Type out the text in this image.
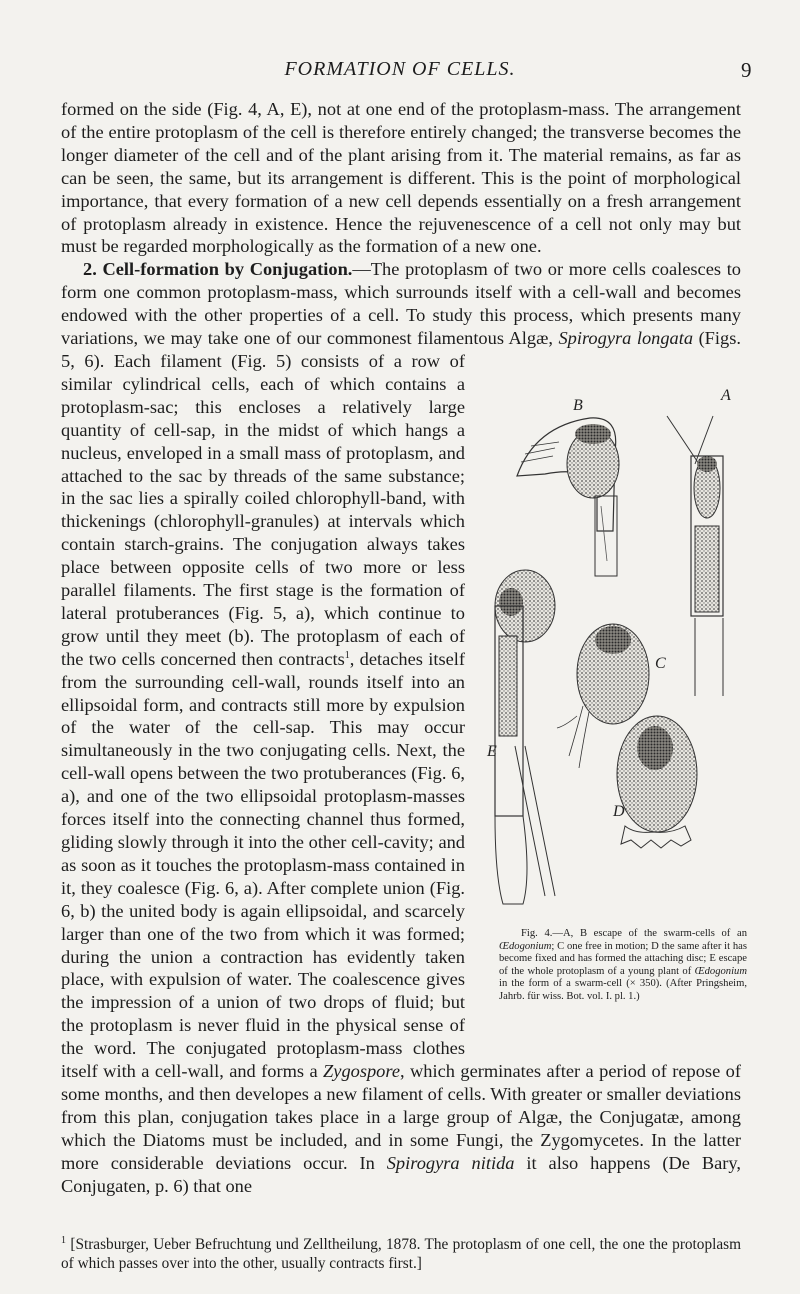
FORMATION OF CELLS.	9

formed on the side (Fig. 4, A, E), not at one end of the protoplasm-mass. The arrangement of the entire protoplasm of the cell is therefore entirely changed; the transverse becomes the longer diameter of the cell and of the plant arising from it. The material remains, as far as can be seen, the same, but its arrangement is different. This is the point of morphological importance, that every formation of a new cell depends essentially on a fresh arrangement of protoplasm already in existence. Hence the rejuvenescence of a cell not only may but must be regarded morphologically as the formation of a new one.

2. Cell-formation by Conjugation.—The protoplasm of two or more cells coalesces to form one common protoplasm-mass, which surrounds itself with a cell-wall and becomes endowed with the other properties of a cell. To study this process, which presents many variations, we may take one of our commonest filamentous Algæ,
B
A
C
E
D
Fig. 4.—A, B escape of the swarm-cells of an Œdogonium; C one free in motion; D the same after it has become fixed and has formed the attaching disc; E escape of the whole protoplasm of a young plant of Œdogonium in the form of a swarm-cell (× 350). (After Pringsheim, Jahrb. für wiss. Bot. vol. I. pl. 1.)
Spirogyra longata (Figs. 5, 6). Each filament (Fig. 5) consists of a row of similar cylindrical cells, each of which contains a protoplasm-sac; this encloses a relatively large quantity of cell-sap, in the midst of which hangs a nucleus, enveloped in a small mass of protoplasm, and attached to the sac by threads of the same substance; in the sac lies a spirally coiled chlorophyll-band, with thickenings (chlorophyll-granules) at intervals which contain starch-grains. The conjugation always takes place between opposite cells of two more or less parallel filaments. The first stage is the formation of lateral protuberances (Fig. 5, a), which continue to grow until they meet (b). The protoplasm of each of the two cells concerned then contracts$^1$, detaches itself from the surrounding cell-wall, rounds itself into an ellipsoidal form, and contracts still more by expulsion of the water of the cell-sap. This may occur simultaneously in the two conjugating cells. Next, the cell-wall opens between the two protuberances (Fig. 6, a), and one of the two ellipsoidal protoplasm-masses forces itself into the connecting channel thus formed, gliding slowly through it into the other cell-cavity; and as soon as it touches the protoplasm-mass contained in it, they coalesce (Fig. 6, a). After complete union (Fig. 6, b) the united body is again ellipsoidal, and scarcely larger than one of the two from which it was formed; during the union a contraction has evidently taken place, with expulsion of water. The coalescence gives the impression of a union of two drops of fluid; but the protoplasm is never fluid in the physical sense of the word. The conjugated protoplasm-mass clothes itself with a cell-wall, and forms a Zygospore, which germinates after a period of repose of some months, and then developes a new filament of cells. With greater or smaller deviations from this plan, conjugation takes place in a large group of Algæ, the Conjugatæ, among which the Diatoms must be included, and in some Fungi, the Zygomycetes. In the latter more considerable deviations occur. In Spirogyra nitida it also happens (De Bary, Conjugaten, p. 6) that one

$^1$ [Strasburger, Ueber Befruchtung und Zelltheilung, 1878. The protoplasm of one cell, the one the protoplasm of which passes over into the other, usually contracts first.]
